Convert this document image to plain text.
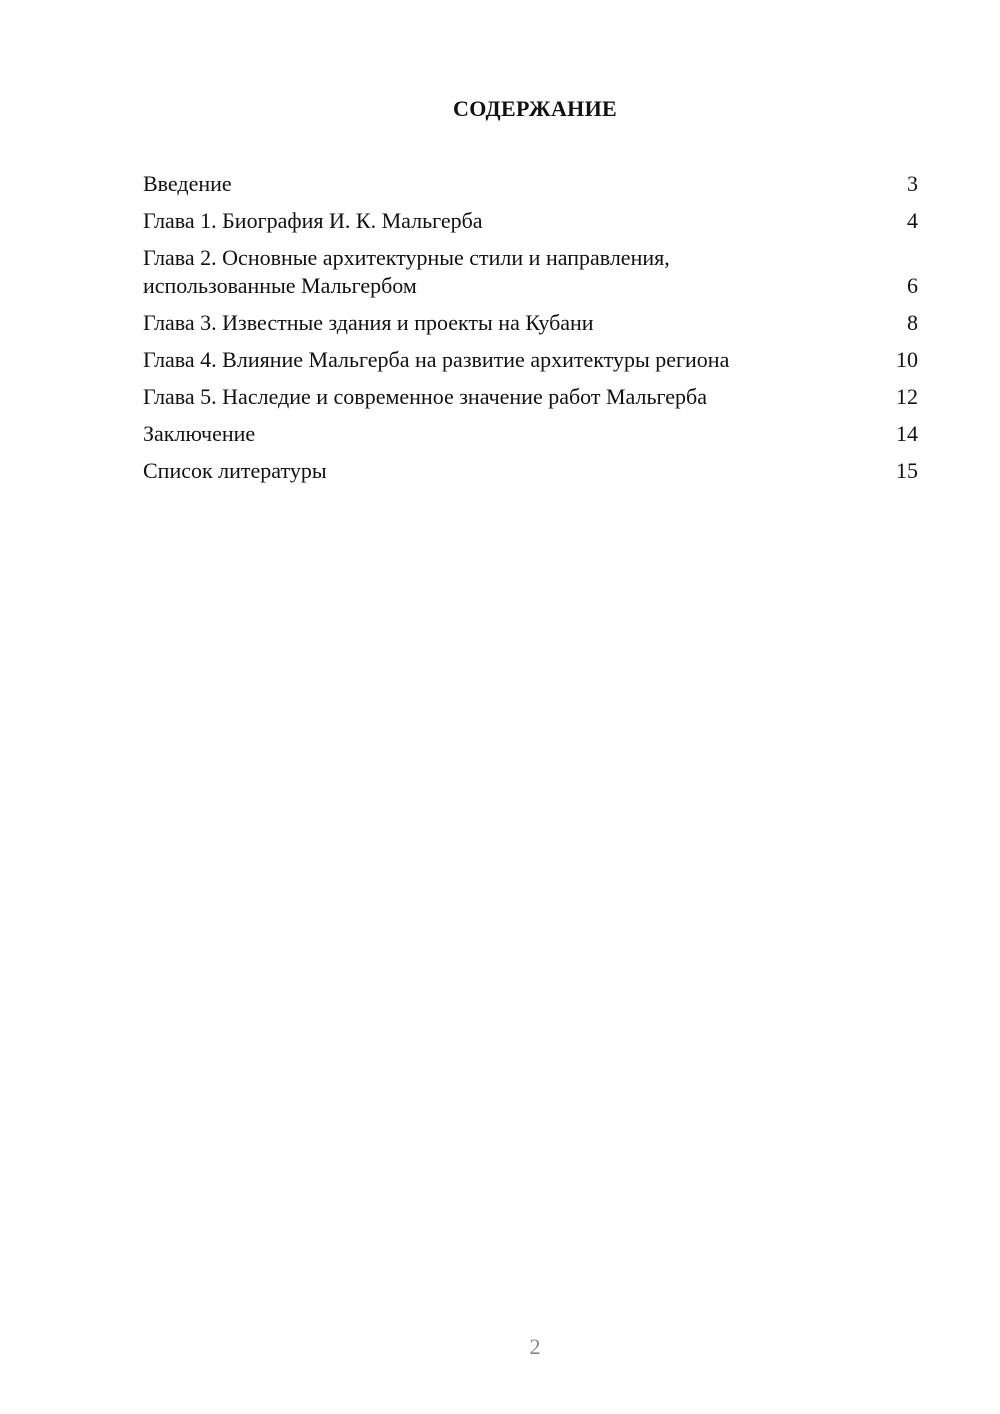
СОДЕРЖАНИЕ
Введение	3
Глава 1. Биография И. К. Мальгерба	4
Глава 2. Основные архитектурные стили и направления, использованные Мальгербом	6
Глава 3. Известные здания и проекты на Кубани	8
Глава 4. Влияние Мальгерба на развитие архитектуры региона	10
Глава 5. Наследие и современное значение работ Мальгерба	12
Заключение	14
Список литературы	15
2
